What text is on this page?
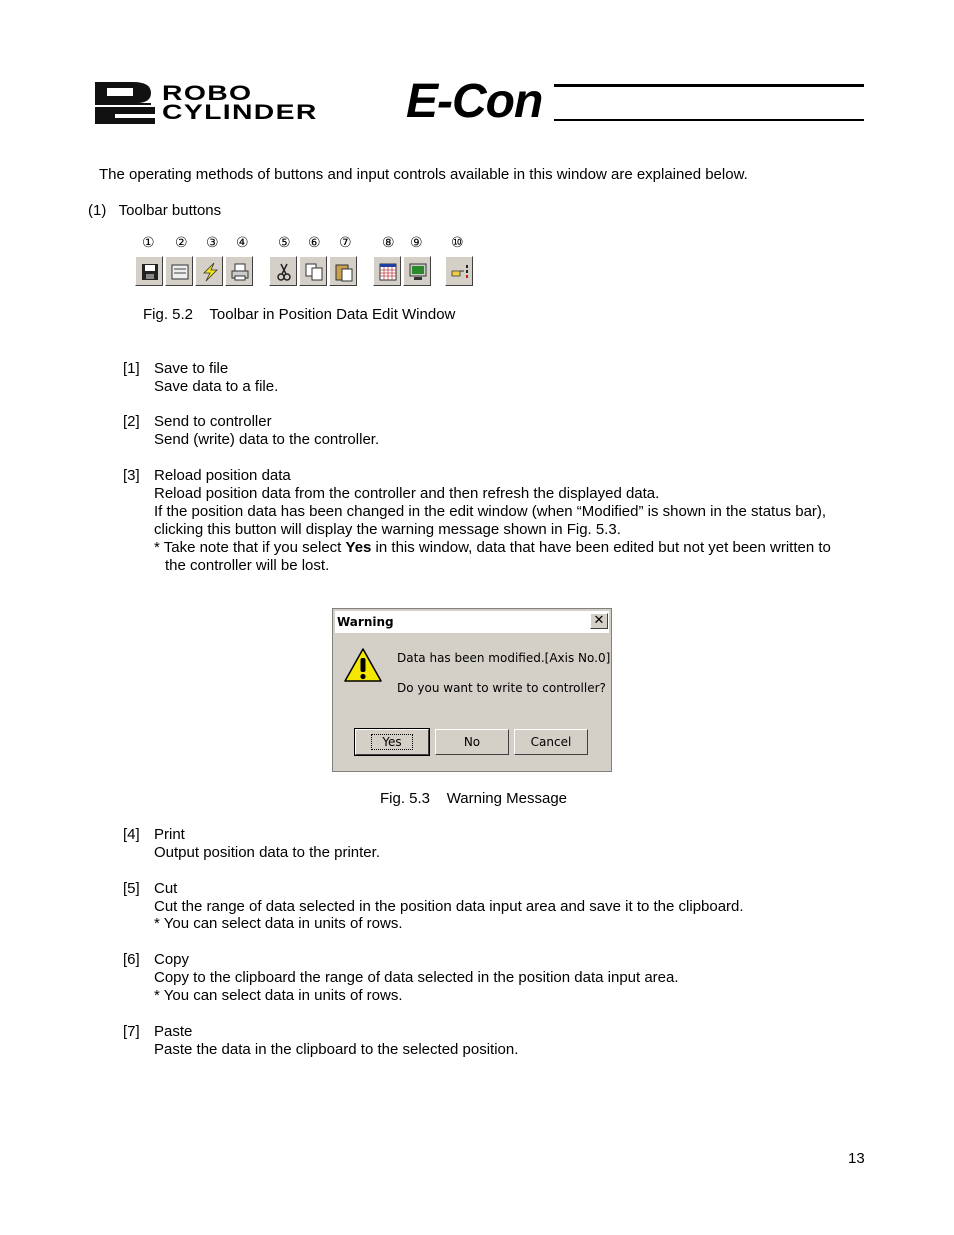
ROBO
CYLINDER E-Con
The operating methods of buttons and input controls available in this window are explained below.
(1)   Toolbar buttons
① ② ③ ④ ⑤ ⑥ ⑦ ⑧ ⑨ ⑩
Fig. 5.2    Toolbar in Position Data Edit Window
[1] Save to file
Save data to a file.
[2] Send to controller
Send (write) data to the controller.
[3] Reload position data
Reload position data from the controller and then refresh the displayed data.
If the position data has been changed in the edit window (when “Modified” is shown in the status bar),
clicking this button will display the warning message shown in Fig. 5.3.
* Take note that if you select Yes in this window, data that have been edited but not yet been written to
the controller will be lost.
Warning	✕
Data has been modified.[Axis No.0]
Do you want to write to controller?
Yes	No	Cancel
Fig. 5.3    Warning Message
[4] Print
Output position data to the printer.
[5] Cut
Cut the range of data selected in the position data input area and save it to the clipboard.
* You can select data in units of rows.
[6] Copy
Copy to the clipboard the range of data selected in the position data input area.
* You can select data in units of rows.
[7] Paste
Paste the data in the clipboard to the selected position.
13
